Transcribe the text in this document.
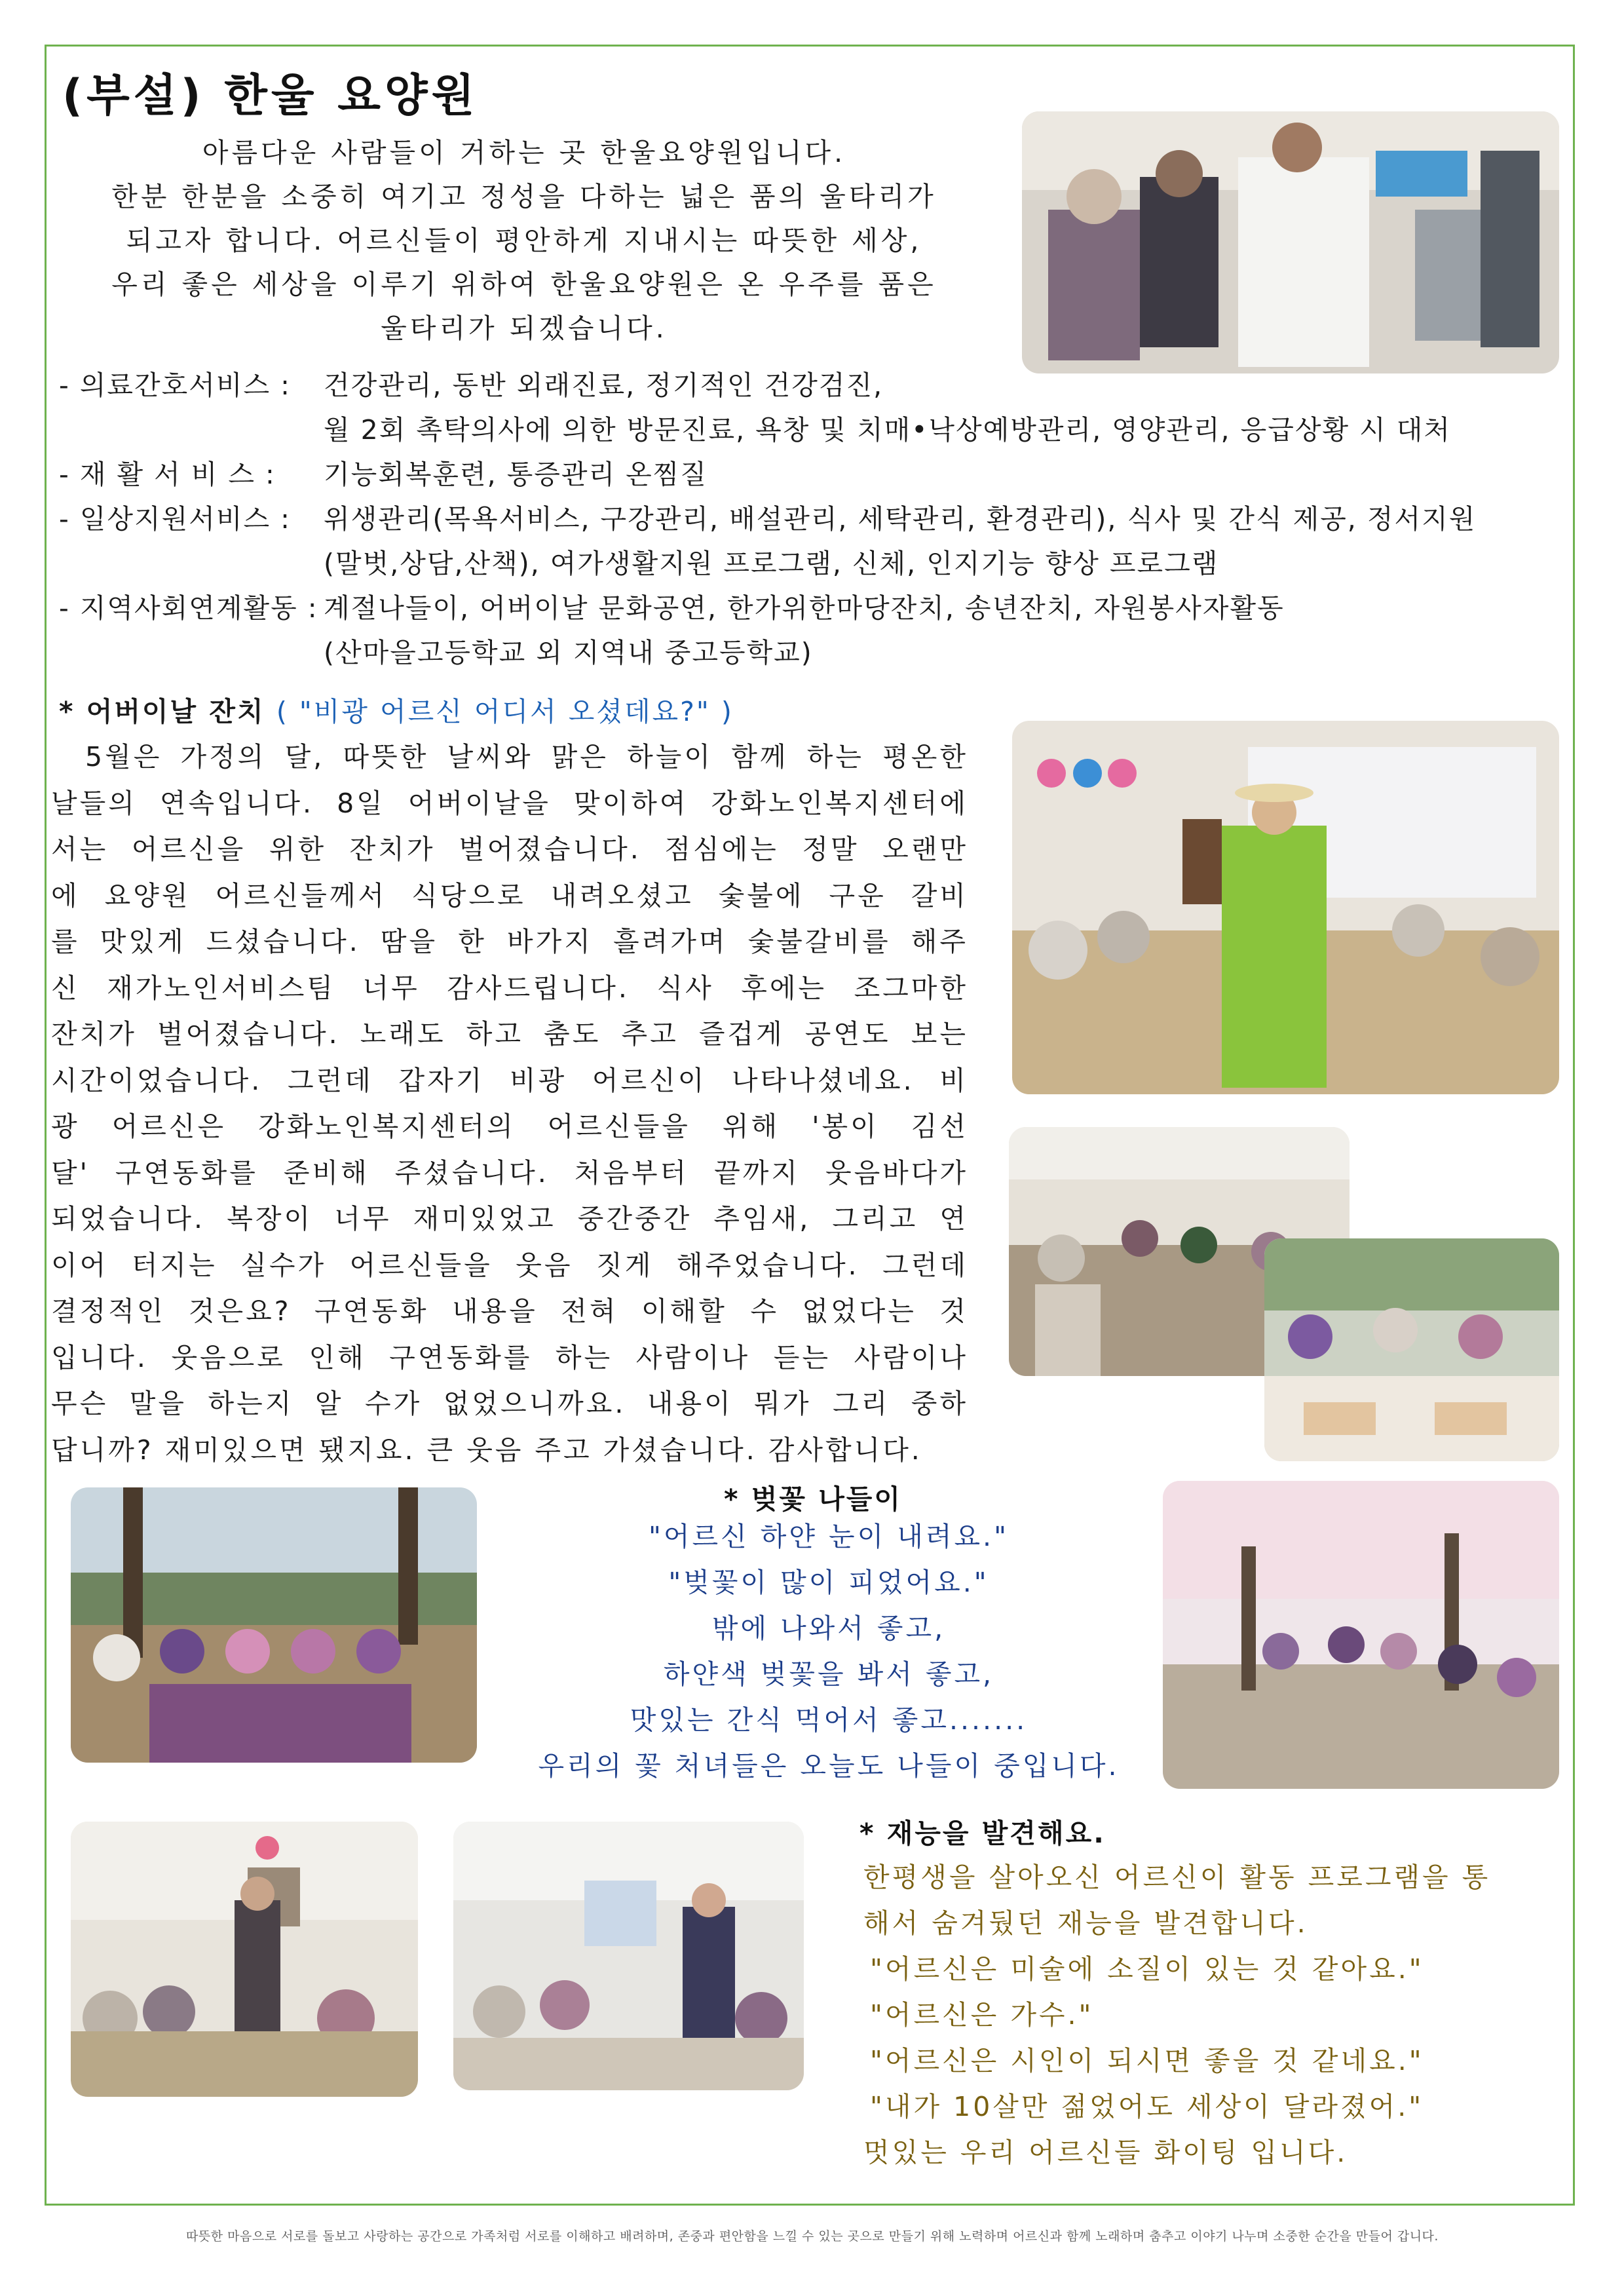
(부설) 한울 요양원
아름다운 사람들이 거하는 곳 한울요양원입니다.
한분 한분을 소중히 여기고 정성을 다하는 넓은 품의 울타리가
되고자 합니다. 어르신들이 평안하게 지내시는 따뜻한 세상,
우리 좋은 세상을 이루기 위하여 한울요양원은 온 우주를 품은
울타리가 되겠습니다.
- 의료간호서비스 :	건강관리, 동반 외래진료, 정기적인 건강검진,
월 2회 촉탁의사에 의한 방문진료, 욕창 및 치매•낙상예방관리, 영양관리, 응급상황 시 대처
- 재 활 서 비 스 :	기능회복훈련, 통증관리 온찜질
- 일상지원서비스 :	위생관리(목욕서비스, 구강관리, 배설관리, 세탁관리, 환경관리), 식사 및 간식 제공, 정서지원
(말벗,상담,산책), 여가생활지원 프로그램, 신체, 인지기능 향상 프로그램
- 지역사회연계활동 : 계절나들이, 어버이날 문화공연, 한가위한마당잔치, 송년잔치, 자원봉사자활동
(산마을고등학교 외 지역내 중고등학교)
* 어버이날 잔치 ( "비광 어르신 어디서 오셨데요?" )
5월은 가정의 달, 따뜻한 날씨와 맑은 하늘이 함께 하는 평온한
날들의 연속입니다. 8일 어버이날을 맞이하여 강화노인복지센터에
서는 어르신을 위한 잔치가 벌어졌습니다. 점심에는 정말 오랜만
에 요양원 어르신들께서 식당으로 내려오셨고 숯불에 구운 갈비
를 맛있게 드셨습니다. 땀을 한 바가지 흘려가며 숯불갈비를 해주
신 재가노인서비스팀 너무 감사드립니다. 식사 후에는 조그마한
잔치가 벌어졌습니다. 노래도 하고 춤도 추고 즐겁게 공연도 보는
시간이었습니다. 그런데 갑자기 비광 어르신이 나타나셨네요. 비
광 어르신은 강화노인복지센터의 어르신들을 위해 '봉이 김선
달' 구연동화를 준비해 주셨습니다. 처음부터 끝까지 웃음바다가
되었습니다. 복장이 너무 재미있었고 중간중간 추임새, 그리고 연
이어 터지는 실수가 어르신들을 웃음 짓게 해주었습니다. 그런데
결정적인 것은요? 구연동화 내용을 전혀 이해할 수 없었다는 것
입니다. 웃음으로 인해 구연동화를 하는 사람이나 듣는 사람이나
무슨 말을 하는지 알 수가 없었으니까요. 내용이 뭐가 그리 중하
답니까? 재미있으면 됐지요. 큰 웃음 주고 가셨습니다. 감사합니다.
* 벚꽃 나들이
"어르신 하얀 눈이 내려요."
"벚꽃이 많이 피었어요."
밖에 나와서 좋고,
하얀색 벚꽃을 봐서 좋고,
맛있는 간식 먹어서 좋고.......
우리의 꽃 처녀들은 오늘도 나들이 중입니다.
* 재능을 발견해요.
한평생을 살아오신 어르신이 활동 프로그램을 통
해서 숨겨뒀던 재능을 발견합니다.
"어르신은 미술에 소질이 있는 것 같아요."
"어르신은 가수."
"어르신은 시인이 되시면 좋을 것 같네요."
"내가 10살만 젊었어도 세상이 달라졌어."
멋있는 우리 어르신들 화이팅 입니다.
따뜻한 마음으로 서로를 돌보고 사랑하는 공간으로 가족처럼 서로를 이해하고 배려하며, 존중과 편안함을 느낄 수 있는 곳으로 만들기 위해 노력하며 어르신과 함께 노래하며 춤추고 이야기 나누며 소중한 순간을 만들어 갑니다.
